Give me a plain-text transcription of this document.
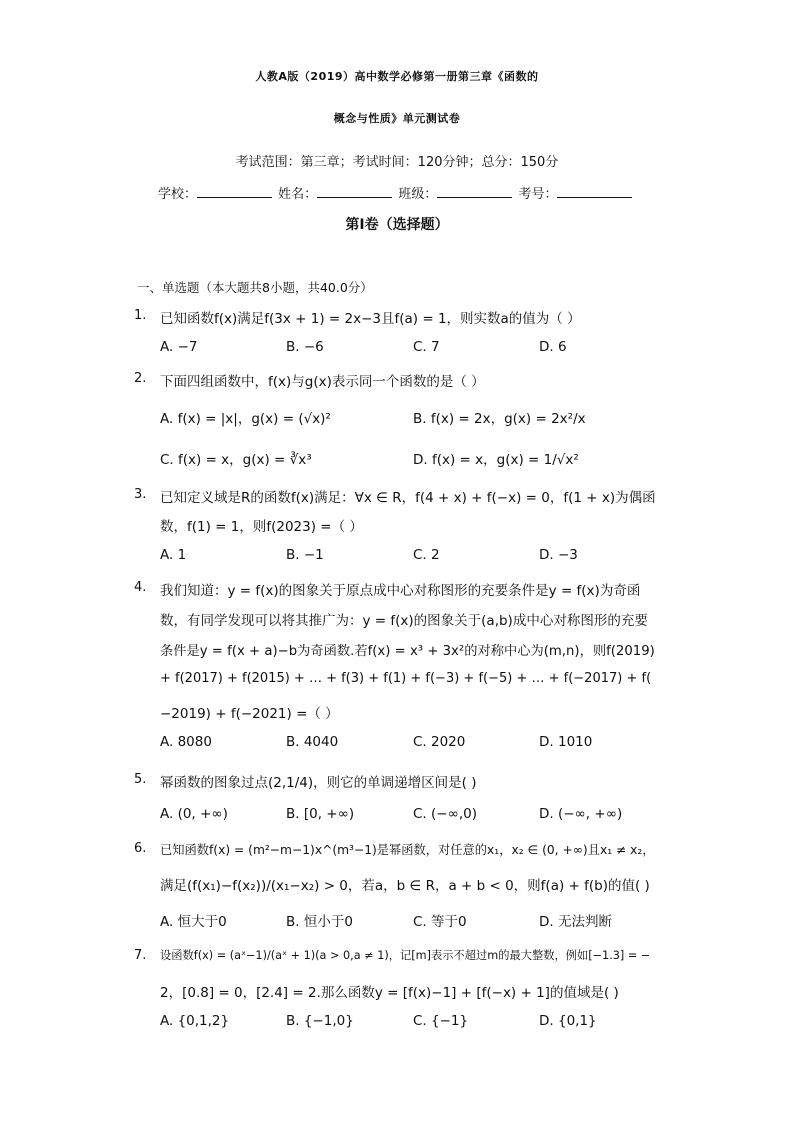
人教A版（2019）高中数学必修第一册第三章《函数的
概念与性质》单元测试卷
考试范围：第三章；考试时间：120分钟；总分：150分
学校：	姓名：	班级：	考号：
第I卷（选择题）
一、单选题（本大题共8小题，共40.0分）
1. 已知函数f(x)满足f(3x + 1) = 2x−3且f(a) = 1，则实数a的值为（ ）
A. −7	B. −6	C. 7	D. 6
2. 下面四组函数中，f(x)与g(x)表示同一个函数的是（ ）
A. f(x) = |x|，g(x) = (√x)²	B. f(x) = 2x，g(x) = 2x²/x
C. f(x) = x，g(x) = ∛x³	D. f(x) = x，g(x) = 1/√x²
3. 已知定义域是R的函数f(x)满足：∀x ∈ R，f(4 + x) + f(−x) = 0，f(1 + x)为偶函
数，f(1) = 1，则f(2023) =（ ）
A. 1	B. −1	C. 2	D. −3
4. 我们知道：y = f(x)的图象关于原点成中心对称图形的充要条件是y = f(x)为奇函
数，有同学发现可以将其推广为：y = f(x)的图象关于(a,b)成中心对称图形的充要
条件是y = f(x + a)−b为奇函数.若f(x) = x³ + 3x²的对称中心为(m,n)，则f(2019)
+ f(2017) + f(2015) + … + f(3) + f(1) + f(−3) + f(−5) + … + f(−2017) + f(
−2019) + f(−2021) =（ ）
A. 8080	B. 4040	C. 2020	D. 1010
5. 幂函数的图象过点(2,1/4)，则它的单调递增区间是( )
A. (0, +∞)	B. [0, +∞)	C. (−∞,0)	D. (−∞, +∞)
6. 已知函数f(x) = (m²−m−1)x^(m³−1)是幂函数，对任意的x₁，x₂ ∈ (0, +∞)且x₁ ≠ x₂，
满足(f(x₁)−f(x₂))/(x₁−x₂) > 0，若a，b ∈ R，a + b < 0，则f(a) + f(b)的值( )
A. 恒大于0	B. 恒小于0	C. 等于0	D. 无法判断
7. 设函数f(x) = (aˣ−1)/(aˣ + 1)(a > 0,a ≠ 1)，记[m]表示不超过m的最大整数，例如[−1.3] = −
2，[0.8] = 0，[2.4] = 2.那么函数y = [f(x)−1] + [f(−x) + 1]的值域是( )
A. {0,1,2}	B. {−1,0}	C. {−1}	D. {0,1}
